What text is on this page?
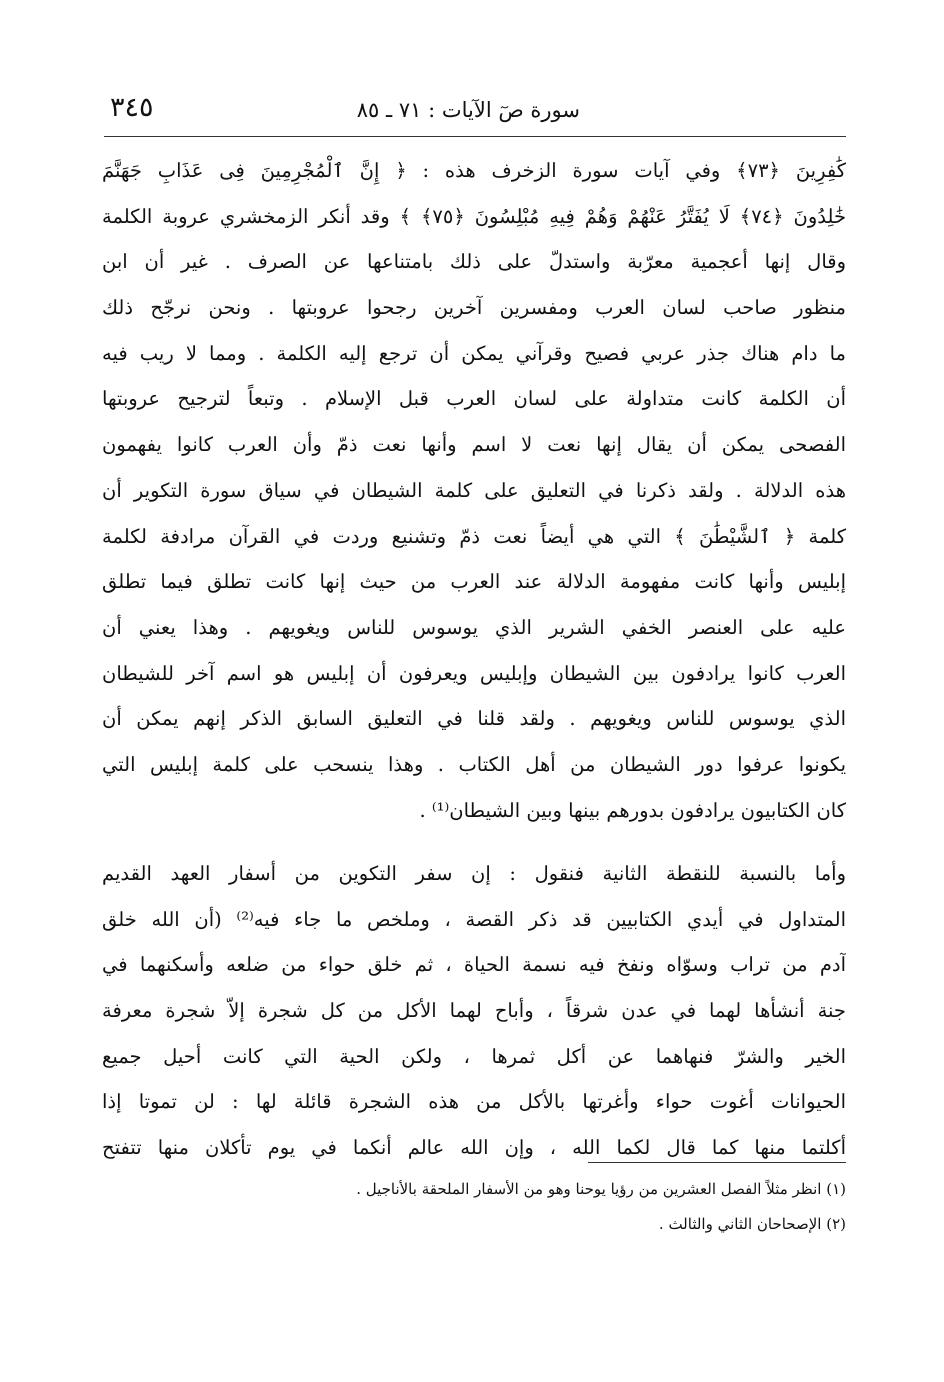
سورة صٓ الآيات : ٧١ ـ ٨٥
٣٤٥
كَٰفِرِينَ ﴿٧٣﴾ وفي آيات سورة الزخرف هذه : ﴿ إِنَّ ٱلْمُجْرِمِينَ فِى عَذَابِ جَهَنَّمَ
خَٰلِدُونَ ﴿٧٤﴾ لَا يُفَتَّرُ عَنْهُمْ وَهُمْ فِيهِ مُبْلِسُونَ ﴿٧٥﴾ ﴾ وقد أنكر الزمخشري عروبة الكلمة
وقال إنها أعجمية معرّبة واستدلّ على ذلك بامتناعها عن الصرف . غير أن ابن
منظور صاحب لسان العرب ومفسرين آخرين رجحوا عروبتها . ونحن نرجّح ذلك
ما دام هناك جذر عربي فصيح وقرآني يمكن أن ترجع إليه الكلمة . ومما لا ريب فيه
أن الكلمة كانت متداولة على لسان العرب قبل الإسلام . وتبعاً لترجيح عروبتها
الفصحى يمكن أن يقال إنها نعت لا اسم وأنها نعت ذمّ وأن العرب كانوا يفهمون
هذه الدلالة . ولقد ذكرنا في التعليق على كلمة الشيطان في سياق سورة التكوير أن
كلمة ﴿ ٱلشَّيْطَٰنَ ﴾ التي هي أيضاً نعت ذمّ وتشنيع وردت في القرآن مرادفة لكلمة
إبليس وأنها كانت مفهومة الدلالة عند العرب من حيث إنها كانت تطلق فيما تطلق
عليه على العنصر الخفي الشرير الذي يوسوس للناس ويغويهم . وهذا يعني أن
العرب كانوا يرادفون بين الشيطان وإبليس ويعرفون أن إبليس هو اسم آخر للشيطان
الذي يوسوس للناس ويغويهم . ولقد قلنا في التعليق السابق الذكر إنهم يمكن أن
يكونوا عرفوا دور الشيطان من أهل الكتاب . وهذا ينسحب على كلمة إبليس التي
كان الكتابيون يرادفون بدورهم بينها وبين الشيطان⁽¹⁾ .
وأما بالنسبة للنقطة الثانية فنقول : إن سفر التكوين من أسفار العهد القديم
المتداول في أيدي الكتابيين قد ذكر القصة ، وملخص ما جاء فيه⁽²⁾ (أن الله خلق
آدم من تراب وسوّاه ونفخ فيه نسمة الحياة ، ثم خلق حواء من ضلعه وأسكنهما في
جنة أنشأها لهما في عدن شرقاً ، وأباح لهما الأكل من كل شجرة إلاّ شجرة معرفة
الخير والشرّ فنهاهما عن أكل ثمرها ، ولكن الحية التي كانت أحيل جميع
الحيوانات أغوت حواء وأغرتها بالأكل من هذه الشجرة قائلة لها : لن تموتا إذا
أكلتما منها كما قال لكما الله ، وإن الله عالم أنكما في يوم تأكلان منها تتفتح
(١) انظر مثلاً الفصل العشرين من رؤيا يوحنا وهو من الأسفار الملحقة بالأناجيل .
(٢) الإصحاحان الثاني والثالث .
